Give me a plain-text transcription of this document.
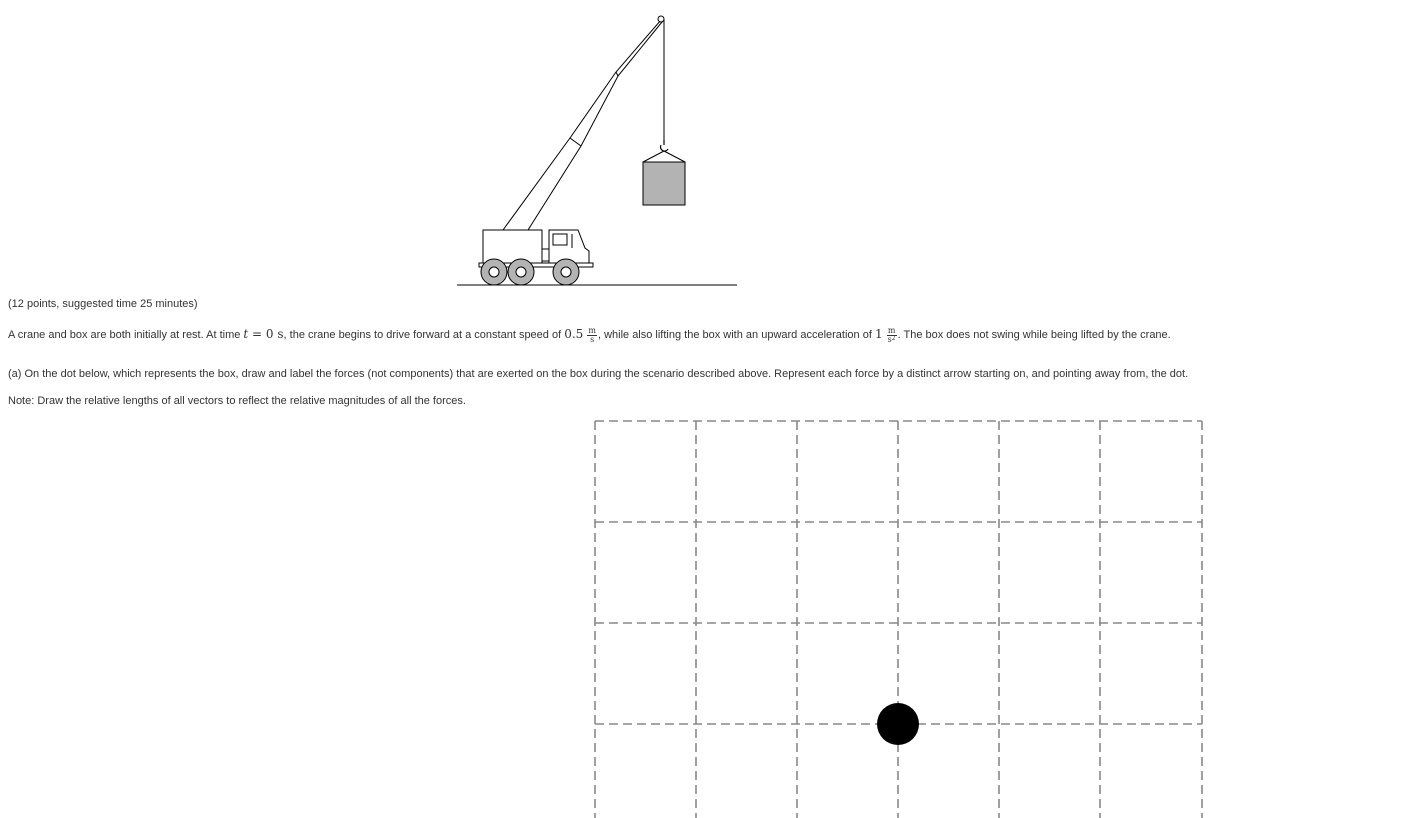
(12 points, suggested time 25 minutes)
A crane and box are both initially at rest. At time t = 0 s, the crane begins to drive forward at a constant speed of $0.5 \frac{m}{s}$ , while also lifting the box with an upward acceleration of $1 \frac{m}{s^2}$ . The box does not swing while being lifted by the crane.
(a) On the dot below, which represents the box, draw and label the forces (not components) that are exerted on the box during the scenario described above. Represent each force by a distinct arrow starting on, and pointing away from, the dot.
Note: Draw the relative lengths of all vectors to reflect the relative magnitudes of all the forces.
